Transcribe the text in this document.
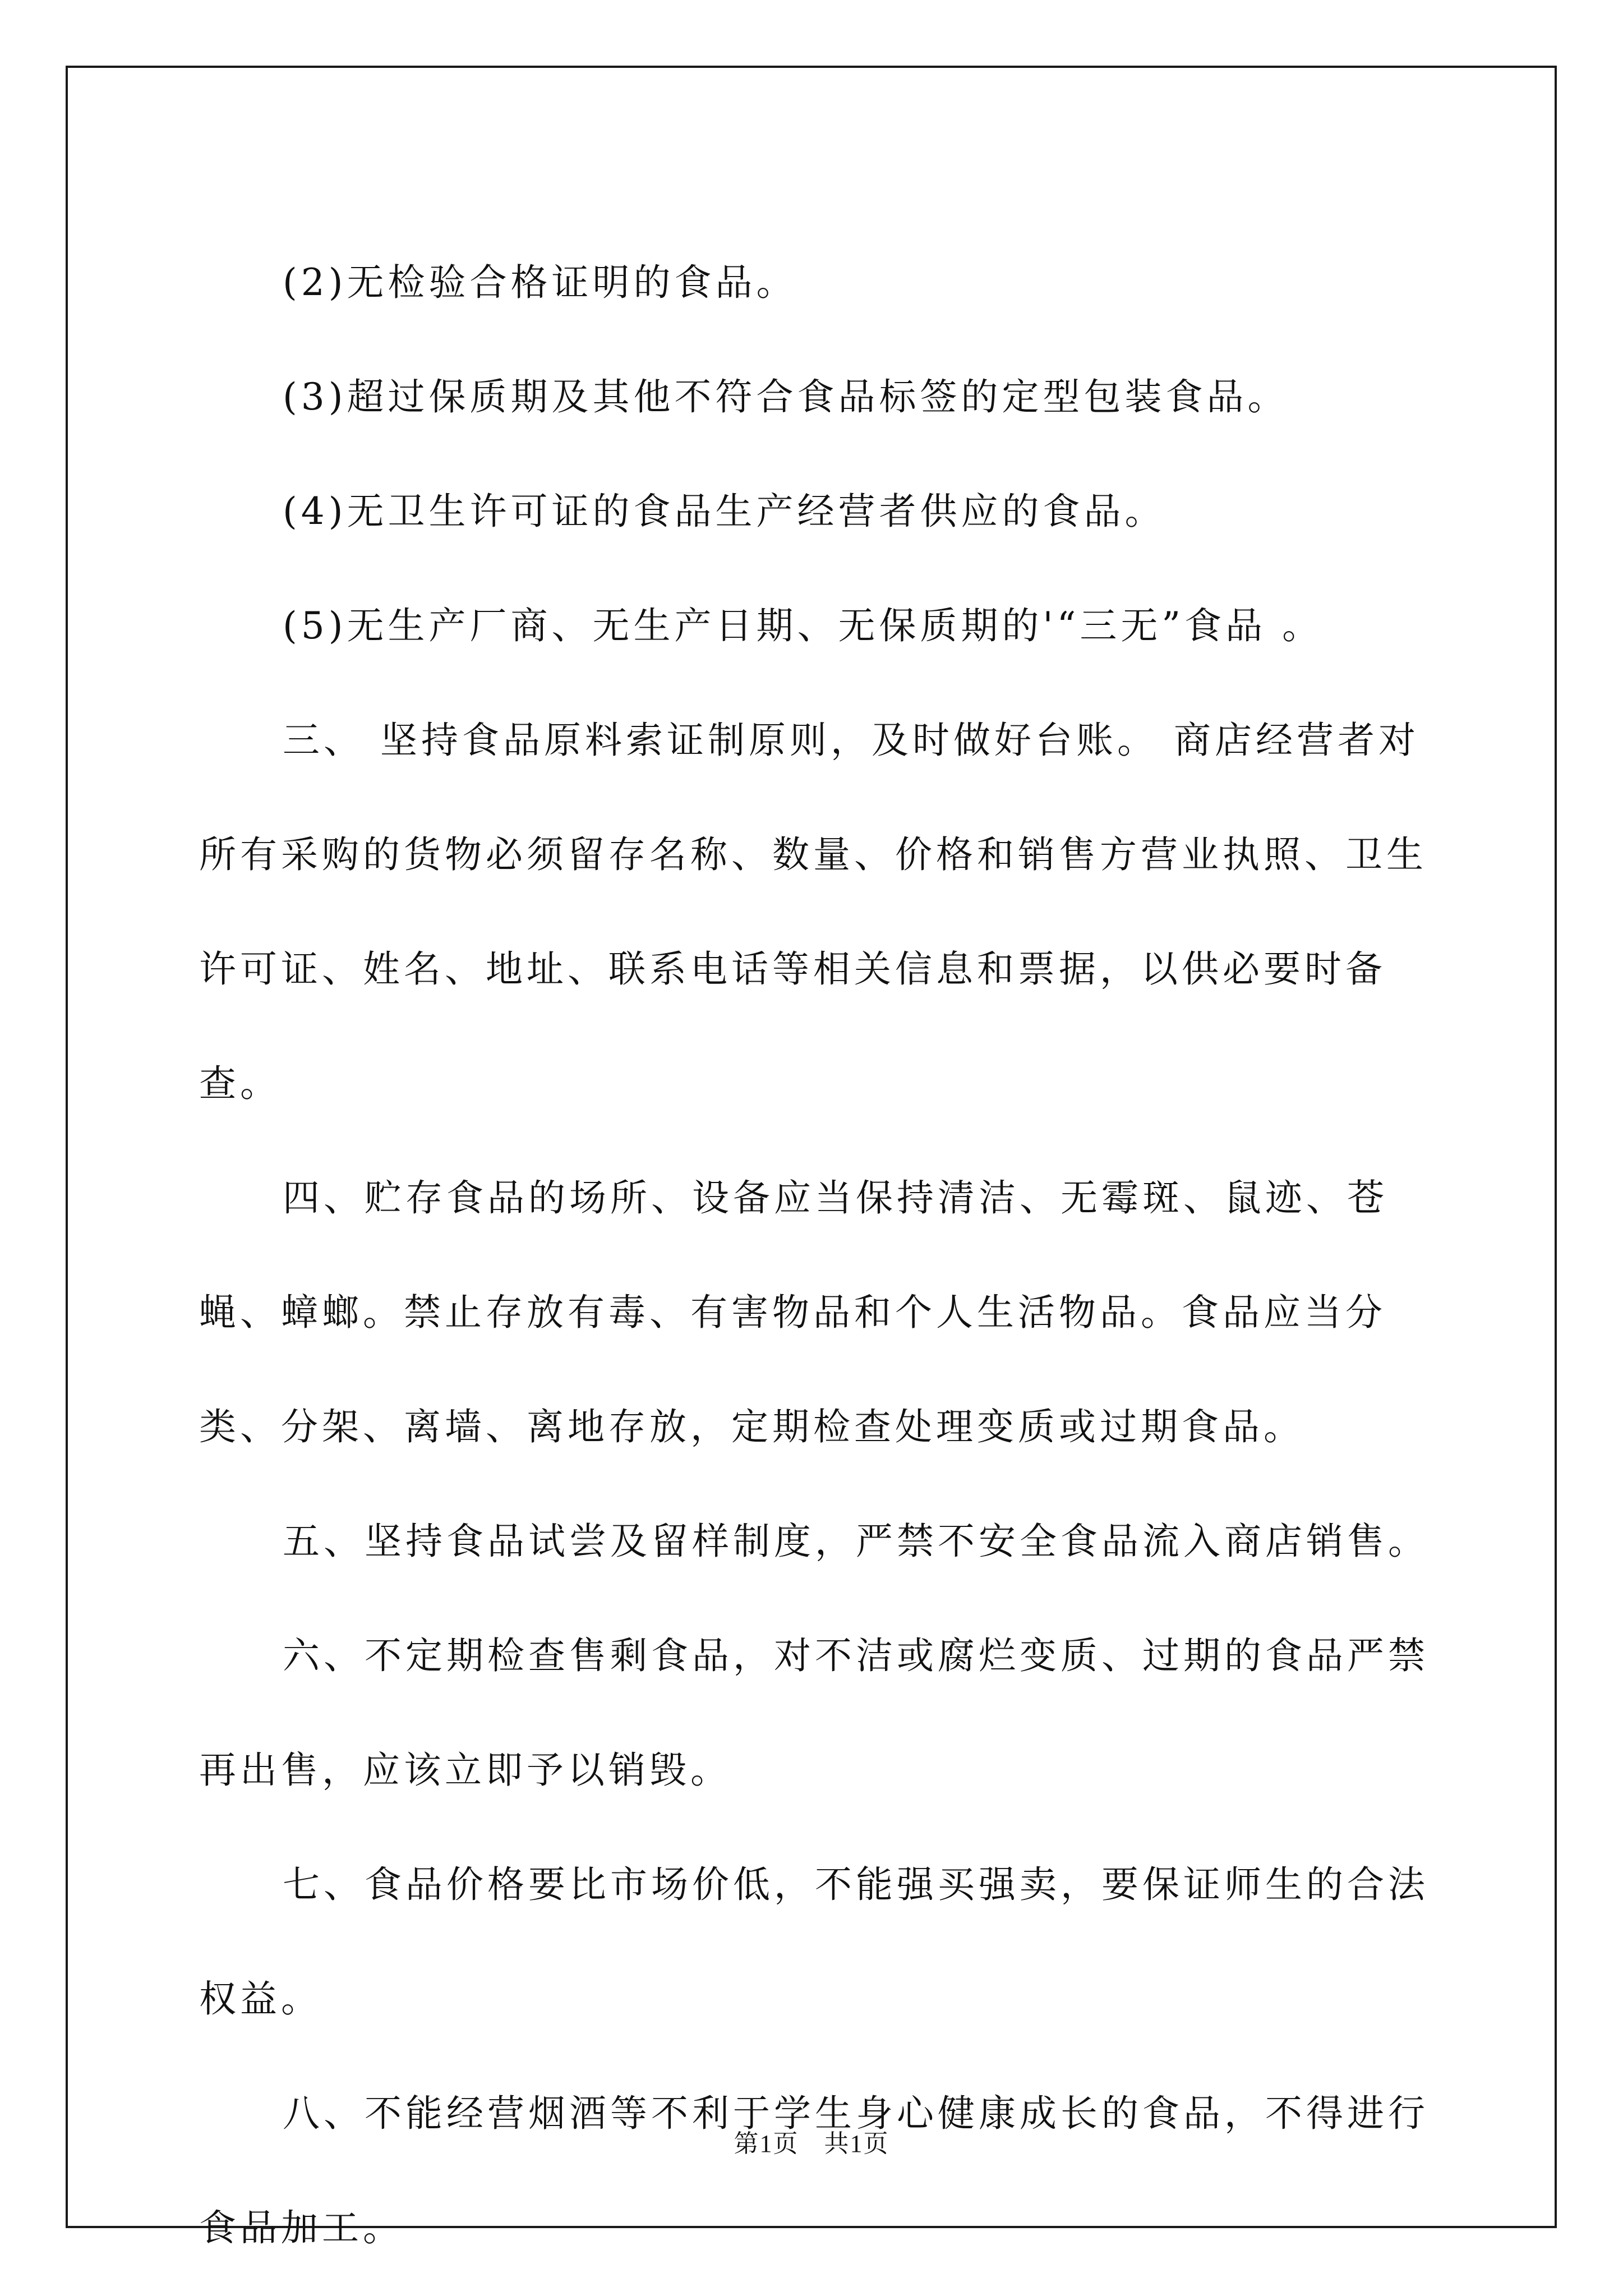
(2)无检验合格证明的食品。

(3)超过保质期及其他不符合食品标签的定型包装食品。

(4)无卫生许可证的食品生产经营者供应的食品。

(5)无生产厂商、无生产日期、无保质期的'“三无”食品 。

三、 坚持食品原料索证制原则，及时做好台账。 商店经营者对所有采购的货物必须留存名称、数量、价格和销售方营业执照、卫生许可证、姓名、地址、联系电话等相关信息和票据，以供必要时备查。

四、贮存食品的场所、设备应当保持清洁、无霉斑、鼠迹、苍蝇、蟑螂。禁止存放有毒、有害物品和个人生活物品。食品应当分类、分架、离墙、离地存放，定期检查处理变质或过期食品。

五、坚持食品试尝及留样制度，严禁不安全食品流入商店销售。

六、不定期检查售剩食品，对不洁或腐烂变质、过期的食品严禁再出售，应该立即予以销毁。

七、食品价格要比市场价低，不能强买强卖，要保证师生的合法权益。

八、不能经营烟酒等不利于学生身心健康成长的食品，不得进行食品加工。

第1页 共1页
